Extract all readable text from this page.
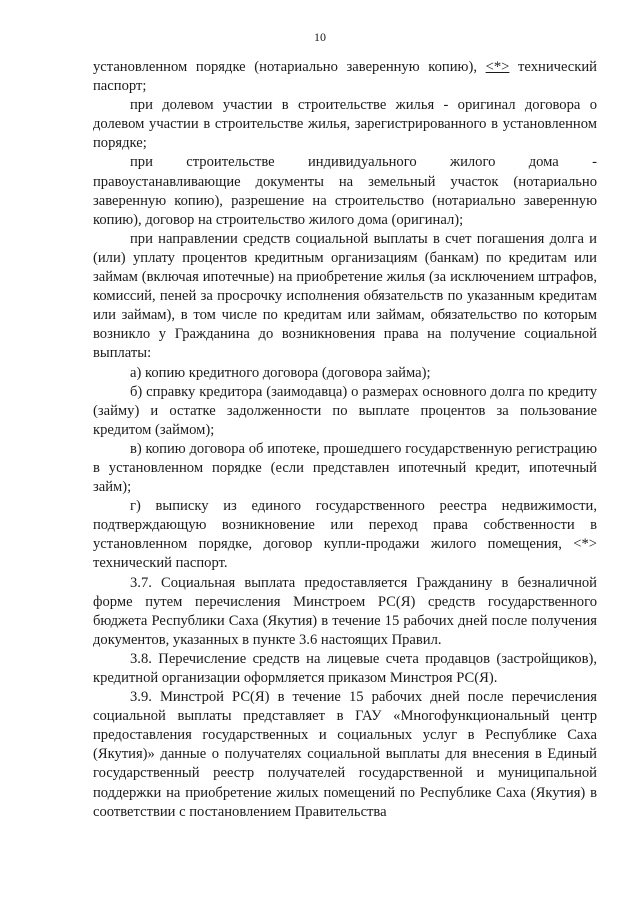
10

установленном порядке (нотариально заверенную копию), <*> технический паспорт;

при долевом участии в строительстве жилья - оригинал договора о долевом участии в строительстве жилья, зарегистрированного в установленном порядке;

при строительстве индивидуального жилого дома - правоустанавливающие документы на земельный участок (нотариально заверенную копию), разрешение на строительство (нотариально заверенную копию), договор на строительство жилого дома (оригинал);

при направлении средств социальной выплаты в счет погашения долга и (или) уплату процентов кредитным организациям (банкам) по кредитам или займам (включая ипотечные) на приобретение жилья (за исключением штрафов, комиссий, пеней за просрочку исполнения обязательств по указанным кредитам или займам), в том числе по кредитам или займам, обязательство по которым возникло у Гражданина до возникновения права на получение социальной выплаты:

а) копию кредитного договора (договора займа);

б) справку кредитора (заимодавца) о размерах основного долга по кредиту (займу) и остатке задолженности по выплате процентов за пользование кредитом (займом);

в) копию договора об ипотеке, прошедшего государственную регистрацию в установленном порядке (если представлен ипотечный кредит, ипотечный займ);

г) выписку из единого государственного реестра недвижимости, подтверждающую возникновение или переход права собственности в установленном порядке, договор купли-продажи жилого помещения, <*> технический паспорт.

3.7. Социальная выплата предоставляется Гражданину в безналичной форме путем перечисления Минстроем РС(Я) средств государственного бюджета Республики Саха (Якутия) в течение 15 рабочих дней после получения документов, указанных в пункте 3.6 настоящих Правил.

3.8. Перечисление средств на лицевые счета продавцов (застройщиков), кредитной организации оформляется приказом Минстроя РС(Я).

3.9. Минстрой РС(Я) в течение 15 рабочих дней после перечисления социальной выплаты представляет в ГАУ «Многофункциональный центр предоставления государственных и социальных услуг в Республике Саха (Якутия)» данные о получателях социальной выплаты для внесения в Единый государственный реестр получателей государственной и муниципальной поддержки на приобретение жилых помещений по Республике Саха (Якутия) в соответствии с постановлением Правительства
